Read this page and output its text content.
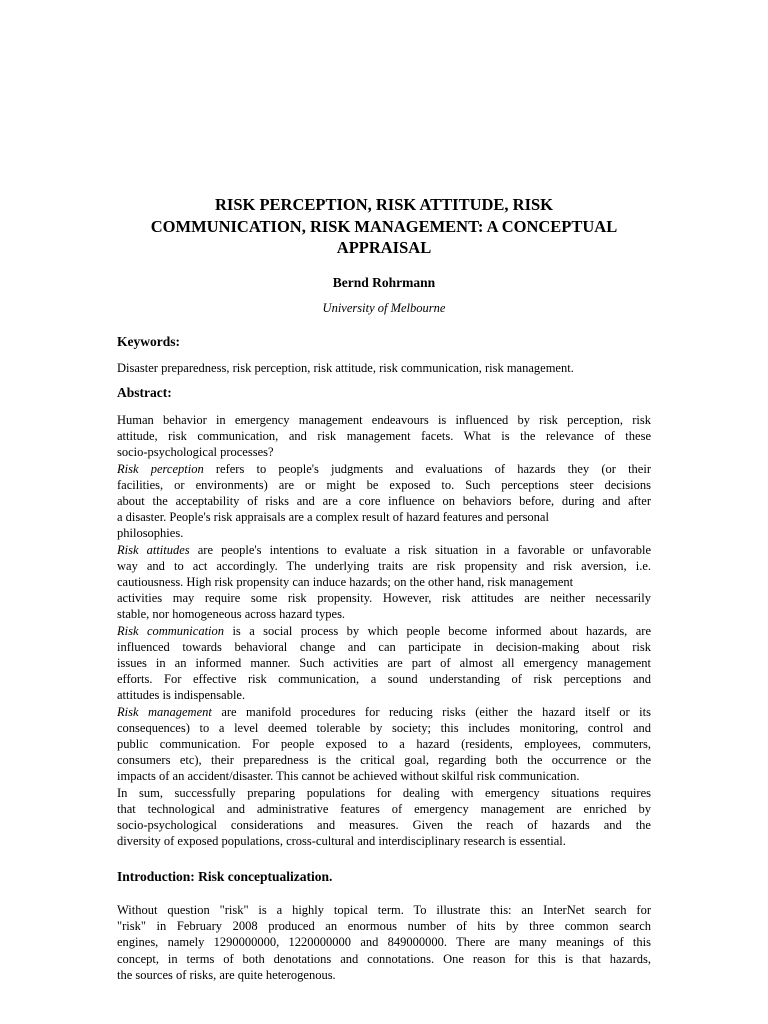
RISK PERCEPTION, RISK ATTITUDE, RISK
COMMUNICATION, RISK MANAGEMENT: A CONCEPTUAL
APPRAISAL
Bernd Rohrmann
University of Melbourne
Keywords:
Disaster preparedness, risk perception, risk attitude, risk communication, risk management.
Abstract:
Human behavior in emergency management endeavours is influenced by risk perception, risk
attitude, risk communication, and risk management facets. What is the relevance of these
socio-psychological processes?
Risk perception refers to people's judgments and evaluations of hazards they (or their
facilities, or environments) are or might be exposed to. Such perceptions steer decisions
about the acceptability of risks and are a core influence on behaviors before, during and after
a disaster. People's risk appraisals are a complex result of hazard features and personal
philosophies.
Risk attitudes are people's intentions to evaluate a risk situation in a favorable or unfavorable
way and to act accordingly. The underlying traits are risk propensity and risk aversion, i.e.
cautiousness. High risk propensity can induce hazards; on the other hand, risk management
activities may require some risk propensity. However, risk attitudes are neither necessarily
stable, nor homogeneous across hazard types.
Risk communication is a social process by which people become informed about hazards, are
influenced towards behavioral change and can participate in decision-making about risk
issues in an informed manner. Such activities are part of almost all emergency management
efforts. For effective risk communication, a sound understanding of risk perceptions and
attitudes is indispensable.
Risk management are manifold procedures for reducing risks (either the hazard itself or its
consequences) to a level deemed tolerable by society; this includes monitoring, control and
public communication. For people exposed to a hazard (residents, employees, commuters,
consumers etc), their preparedness is the critical goal, regarding both the occurrence or the
impacts of an accident/disaster. This cannot be achieved without skilful risk communication.
In sum, successfully preparing populations for dealing with emergency situations requires
that technological and administrative features of emergency management are enriched by
socio-psychological considerations and measures. Given the reach of hazards and the
diversity of exposed populations, cross-cultural and interdisciplinary research is essential.
Introduction: Risk conceptualization.
Without question "risk" is a highly topical term. To illustrate this: an InterNet search for
"risk" in February 2008 produced an enormous number of hits by three common search
engines, namely 1290000000, 1220000000 and 849000000. There are many meanings of this
concept, in terms of both denotations and connotations. One reason for this is that hazards,
the sources of risks, are quite heterogenous.
